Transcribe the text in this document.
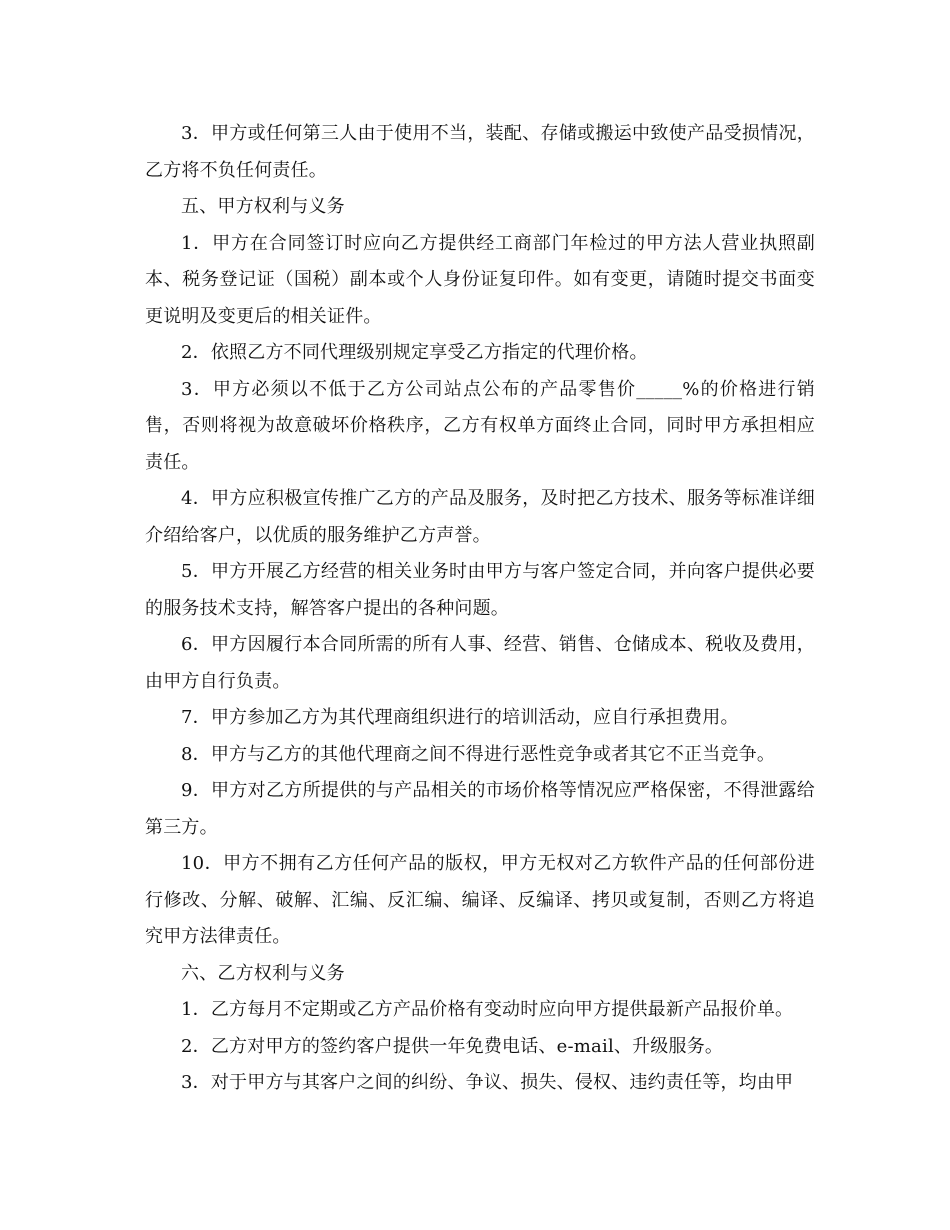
3．甲方或任何第三人由于使用不当，装配、存储或搬运中致使产品受损情况，乙方将不负任何责任。

五、甲方权利与义务

1．甲方在合同签订时应向乙方提供经工商部门年检过的甲方法人营业执照副本、税务登记证（国税）副本或个人身份证复印件。如有变更，请随时提交书面变更说明及变更后的相关证件。

2．依照乙方不同代理级别规定享受乙方指定的代理价格。

3．甲方必须以不低于乙方公司站点公布的产品零售价_____%的价格进行销售，否则将视为故意破坏价格秩序，乙方有权单方面终止合同，同时甲方承担相应责任。

4．甲方应积极宣传推广乙方的产品及服务，及时把乙方技术、服务等标准详细介绍给客户，以优质的服务维护乙方声誉。

5．甲方开展乙方经营的相关业务时由甲方与客户签定合同，并向客户提供必要的服务技术支持，解答客户提出的各种问题。

6．甲方因履行本合同所需的所有人事、经营、销售、仓储成本、税收及费用，由甲方自行负责。

7．甲方参加乙方为其代理商组织进行的培训活动，应自行承担费用。

8．甲方与乙方的其他代理商之间不得进行恶性竞争或者其它不正当竞争。

9．甲方对乙方所提供的与产品相关的市场价格等情况应严格保密，不得泄露给第三方。

10．甲方不拥有乙方任何产品的版权，甲方无权对乙方软件产品的任何部份进行修改、分解、破解、汇编、反汇编、编译、反编译、拷贝或复制，否则乙方将追究甲方法律责任。

六、乙方权利与义务

1．乙方每月不定期或乙方产品价格有变动时应向甲方提供最新产品报价单。

2．乙方对甲方的签约客户提供一年免费电话、e-mail、升级服务。

3．对于甲方与其客户之间的纠纷、争议、损失、侵权、违约责任等，均由甲
